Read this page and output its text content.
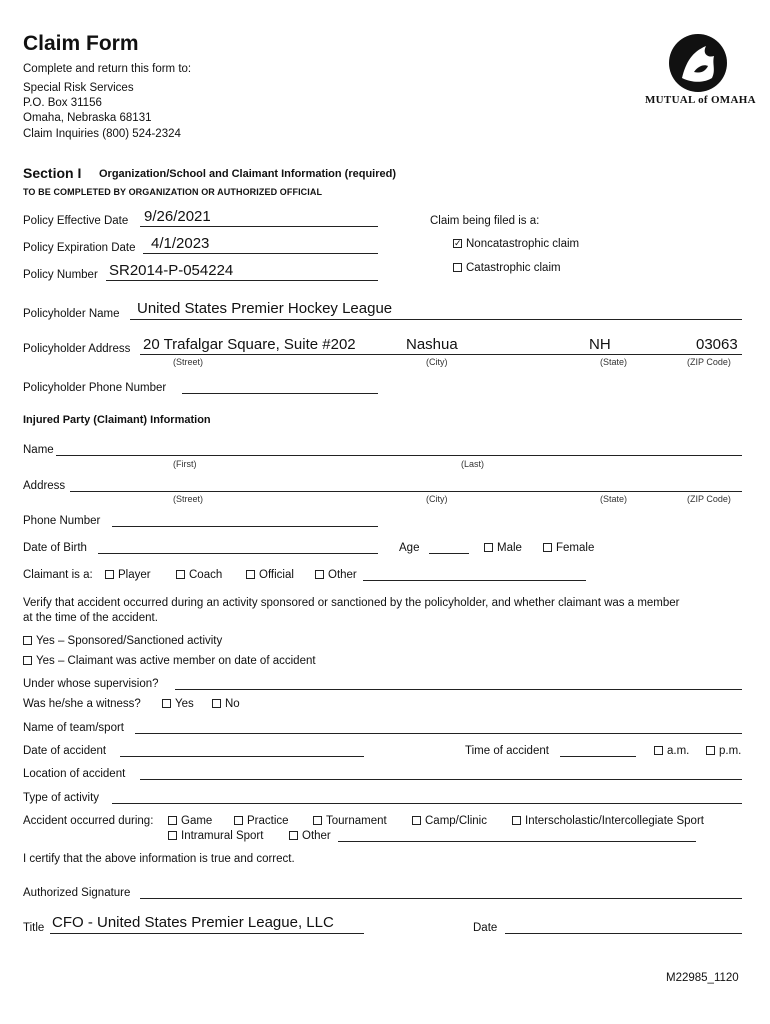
Claim Form
Complete and return this form to:
Special Risk Services
P.O. Box 31156
Omaha, Nebraska 68131
Claim Inquiries (800) 524-2324
MUTUAL of OMAHA
Section I Organization/School and Claimant Information (required)
TO BE COMPLETED BY ORGANIZATION OR AUTHORIZED OFFICIAL
Policy Effective Date 9/26/2021
Policy Expiration Date 4/1/2023
Policy Number SR2014-P-054224
Claim being filed is a:
✓Noncatastrophic claim
Catastrophic claim
Policyholder Name United States Premier Hockey League
Policyholder Address 20 Trafalgar Square, Suite #202	Nashua	NH	03063
(Street)	(City)	(State)	(ZIP Code)
Policyholder Phone Number
Injured Party (Claimant) Information
Name
(First)	(Last)
Address
(Street)	(City)	(State)	(ZIP Code)
Phone Number
Date of Birth	Age	Male	Female
Claimant is a:	Player	Coach	Official	Other
Verify that accident occurred during an activity sponsored or sanctioned by the policyholder, and whether claimant was a member
at the time of the accident.
Yes – Sponsored/Sanctioned activity
Yes – Claimant was active member on date of accident
Under whose supervision?
Was he/she a witness?	Yes	No
Name of team/sport
Date of accident	Time of accident	a.m.	p.m.
Location of accident
Type of activity
Accident occurred during:	Game	Practice	Tournament	Camp/Clinic	Interscholastic/Intercollegiate Sport
Intramural Sport	Other
I certify that the above information is true and correct.
Authorized Signature
Title CFO - United States Premier League, LLC	Date
M22985_1120
